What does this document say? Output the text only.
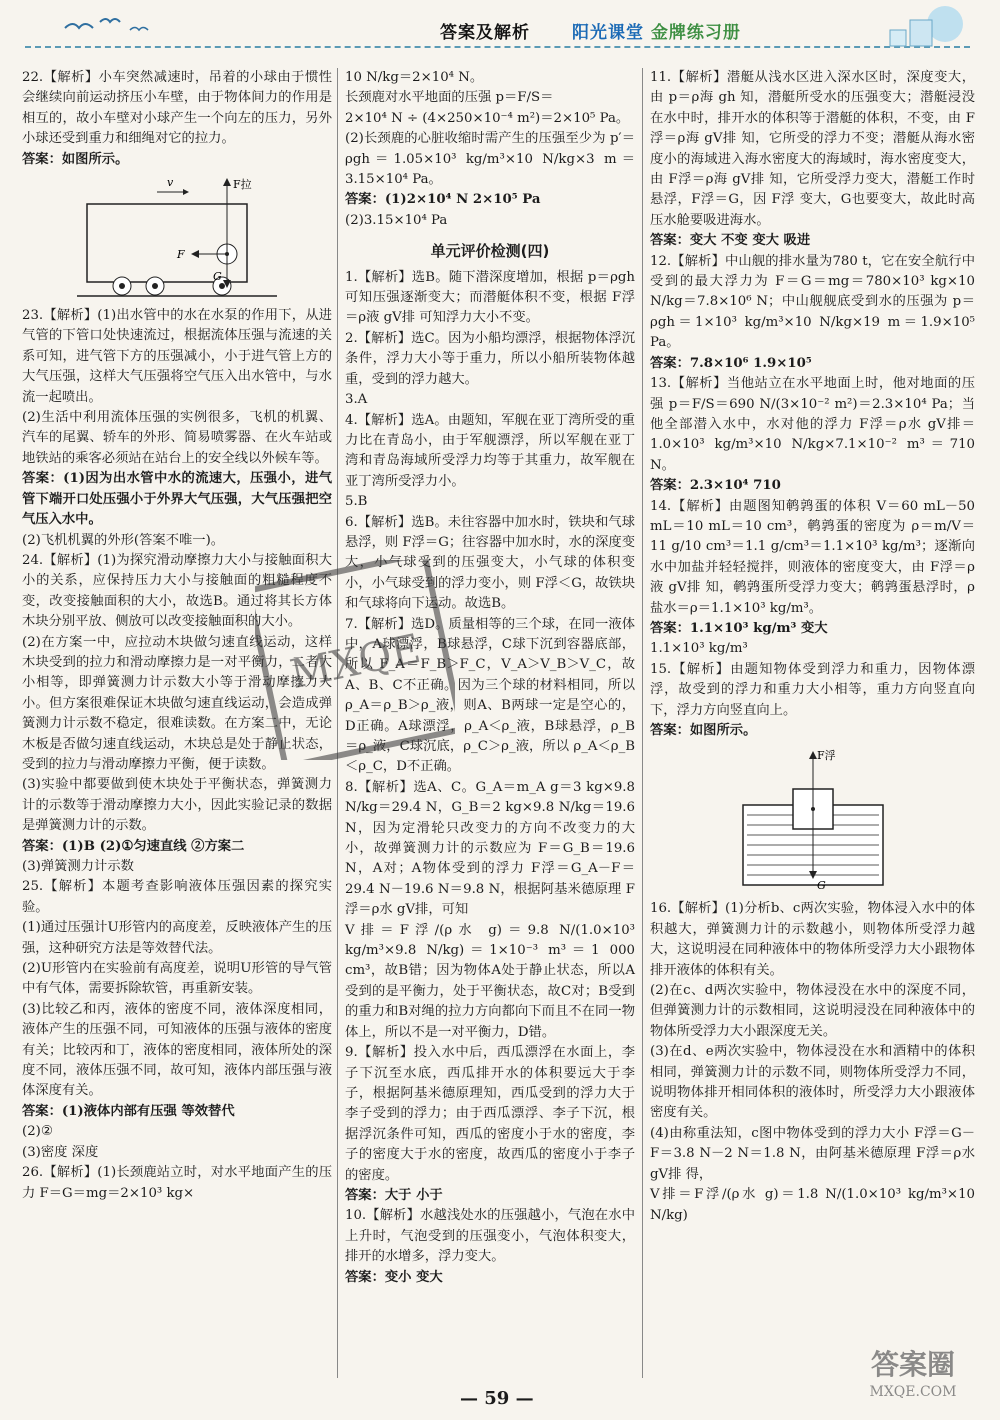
答案及解析 阳光课堂 金牌练习册

22.【解析】小车突然减速时，吊着的小球由于惯性会继续向前运动挤压小车壁，由于物体间力的作用是相互的，故小车壁对小球产生一个向左的压力，另外小球还受到重力和细绳对它的拉力。

答案：如图所示。

v	F拉
F
G

23.【解析】(1)出水管中的水在水泵的作用下，从进气管的下管口处快速流过，根据流体压强与流速的关系可知，进气管下方的压强减小，小于进气管上方的大气压强，这样大气压强将空气压入出水管中，与水流一起喷出。

(2)生活中利用流体压强的实例很多，飞机的机翼、汽车的尾翼、轿车的外形、简易喷雾器、在火车站或地铁站的乘客必须站在站台上的安全线以外候车等。

答案：(1)因为出水管中水的流速大，压强小，进气管下端开口处压强小于外界大气压强，大气压强把空气压入水中。

(2)飞机机翼的外形(答案不唯一)。

24.【解析】(1)为探究滑动摩擦力大小与接触面积大小的关系，应保持压力大小与接触面的粗糙程度不变，改变接触面积的大小，故选B。通过将其长方体木块分别平放、侧放可以改变接触面积的大小。

(2)在方案一中，应拉动木块做匀速直线运动，这样木块受到的拉力和滑动摩擦力是一对平衡力，二者大小相等，即弹簧测力计示数大小等于滑动摩擦力大小。但方案很难保证木块做匀速直线运动，会造成弹簧测力计示数不稳定，很难读数。在方案二中，无论木板是否做匀速直线运动，木块总是处于静止状态，受到的拉力与滑动摩擦力平衡，便于读数。

(3)实验中都要做到使木块处于平衡状态，弹簧测力计的示数等于滑动摩擦力大小，因此实验记录的数据是弹簧测力计的示数。

答案：(1)B (2)①匀速直线 ②方案二

(3)弹簧测力计示数

25.【解析】本题考查影响液体压强因素的探究实验。

(1)通过压强计U形管内的高度差，反映液体产生的压强，这种研究方法是等效替代法。

(2)U形管内在实验前有高度差，说明U形管的导气管中有气体，需要拆除软管，再重新安装。

(3)比较乙和丙，液体的密度不同，液体深度相同，液体产生的压强不同，可知液体的压强与液体的密度有关；比较丙和丁，液体的密度相同，液体所处的深度不同，液体压强不同，故可知，液体内部压强与液体深度有关。

答案：(1)液体内部有压强 等效替代

(2)②

(3)密度 深度

26.【解析】(1)长颈鹿站立时，对水平地面产生的压力 F＝G＝mg＝2×10³ kg×

10 N/kg＝2×10⁴ N。

长颈鹿对水平地面的压强 p＝F/S＝

2×10⁴ N ÷ (4×250×10⁻⁴ m²)＝2×10⁵ Pa。

(2)长颈鹿的心脏收缩时需产生的压强至少为 p′＝ρgh＝1.05×10³ kg/m³×10 N/kg×3 m＝3.15×10⁴ Pa。

答案：(1)2×10⁴ N 2×10⁵ Pa

(2)3.15×10⁴ Pa

单元评价检测(四)

1.【解析】选B。随下潜深度增加，根据 p＝ρgh 可知压强逐渐变大；而潜艇体积不变，根据 F浮＝ρ液 gV排 可知浮力大小不变。

2.【解析】选C。因为小船均漂浮，根据物体浮沉条件，浮力大小等于重力，所以小船所装物体越重，受到的浮力越大。

3.A

4.【解析】选A。由题知，军舰在亚丁湾所受的重力比在青岛小，由于军舰漂浮，所以军舰在亚丁湾和青岛海域所受浮力均等于其重力，故军舰在亚丁湾所受浮力小。

5.B

6.【解析】选B。未往容器中加水时，铁块和气球悬浮，则 F浮＝G；往容器中加水时，水的深度变大，小气球受到的压强变大，小气球的体积变小，小气球受到的浮力变小，则 F浮＜G，故铁块和气球将向下运动。故选B。

7.【解析】选D。质量相等的三个球，在同一液体中，A球漂浮，B球悬浮，C球下沉到容器底部，所以 F_A＝F_B＞F_C，V_A＞V_B＞V_C，故A、B、C不正确。因为三个球的材料相同，所以 ρ_A＝ρ_B＞ρ_液，则A、B两球一定是空心的，D正确。A球漂浮，ρ_A＜ρ_液，B球悬浮，ρ_B＝ρ_液，C球沉底，ρ_C＞ρ_液，所以 ρ_A＜ρ_B＜ρ_C，D不正确。

8.【解析】选A、C。G_A＝m_A g＝3 kg×9.8 N/kg＝29.4 N，G_B＝2 kg×9.8 N/kg＝19.6 N，因为定滑轮只改变力的方向不改变力的大小，故弹簧测力计的示数应为 F＝G_B＝19.6 N，A对；A物体受到的浮力 F浮＝G_A－F＝29.4 N－19.6 N＝9.8 N，根据阿基米德原理 F浮＝ρ水 gV排，可知

V排＝F浮/(ρ水 g)＝9.8 N/(1.0×10³ kg/m³×9.8 N/kg)＝1×10⁻³ m³＝1 000 cm³，故B错；因为物体A处于静止状态，所以A受到的是平衡力，处于平衡状态，故C对；B受到的重力和B对绳的拉力方向都向下而且不在同一物体上，所以不是一对平衡力，D错。

9.【解析】投入水中后，西瓜漂浮在水面上，李子下沉至水底，西瓜排开水的体积要远大于李子，根据阿基米德原理知，西瓜受到的浮力大于李子受到的浮力；由于西瓜漂浮、李子下沉，根据浮沉条件可知，西瓜的密度小于水的密度，李子的密度大于水的密度，故西瓜的密度小于李子的密度。

答案：大于 小于

10.【解析】水越浅处水的压强越小，气泡在水中上升时，气泡受到的压强变小，气泡体积变大，排开的水增多，浮力变大。

答案：变小 变大

11.【解析】潜艇从浅水区进入深水区时，深度变大，由 p＝ρ海 gh 知，潜艇所受水的压强变大；潜艇浸没在水中时，排开水的体积等于潜艇的体积，不变，由 F浮＝ρ海 gV排 知，它所受的浮力不变；潜艇从海水密度小的海域进入海水密度大的海域时，海水密度变大，由 F浮＝ρ海 gV排 知，它所受浮力变大，潜艇工作时悬浮，F浮＝G，因 F浮 变大，G也要变大，故此时高压水舱要吸进海水。

答案：变大 不变 变大 吸进

12.【解析】中山舰的排水量为780 t，它在安全航行中受到的最大浮力为 F＝G＝mg＝780×10³ kg×10 N/kg＝7.8×10⁶ N；中山舰舰底受到水的压强为 p＝ρgh＝1×10³ kg/m³×10 N/kg×19 m＝1.9×10⁵ Pa。

答案：7.8×10⁶ 1.9×10⁵

13.【解析】当他站立在水平地面上时，他对地面的压强 p＝F/S＝690 N/(3×10⁻² m²)＝2.3×10⁴ Pa；当他全部潜入水中，水对他的浮力 F浮＝ρ水 gV排＝1.0×10³ kg/m³×10 N/kg×7.1×10⁻² m³＝710 N。

答案：2.3×10⁴ 710

14.【解析】由题图知鹌鹑蛋的体积 V＝60 mL－50 mL＝10 mL＝10 cm³，鹌鹑蛋的密度为 ρ＝m/V＝11 g/10 cm³＝1.1 g/cm³＝1.1×10³ kg/m³；逐渐向水中加盐并轻轻搅拌，则液体的密度变大，由 F浮＝ρ液 gV排 知，鹌鹑蛋所受浮力变大；鹌鹑蛋悬浮时，ρ盐水＝ρ＝1.1×10³ kg/m³。

答案：1.1×10³ kg/m³ 变大

1.1×10³ kg/m³

15.【解析】由题知物体受到浮力和重力，因物体漂浮，故受到的浮力和重力大小相等，重力方向竖直向下，浮力方向竖直向上。

答案：如图所示。

F浮
G

16.【解析】(1)分析b、c两次实验，物体浸入水中的体积越大，弹簧测力计的示数越小，则物体所受浮力越大，这说明浸在同种液体中的物体所受浮力大小跟物体排开液体的体积有关。

(2)在c、d两次实验中，物体浸没在水中的深度不同，但弹簧测力计的示数相同，这说明浸没在同种液体中的物体所受浮力大小跟深度无关。

(3)在d、e两次实验中，物体浸没在水和酒精中的体积相同，弹簧测力计的示数不同，则物体所受浮力不同，说明物体排开相同体积的液体时，所受浮力大小跟液体密度有关。

(4)由称重法知，c图中物体受到的浮力大小 F浮＝G－F＝3.8 N－2 N＝1.8 N，由阿基米德原理 F浮＝ρ水 gV排 得，

V排＝F浮/(ρ水 g)＝1.8 N/(1.0×10³ kg/m³×10 N/kg)

MXQE
— 59 —
答案圈
MXQE.COM
